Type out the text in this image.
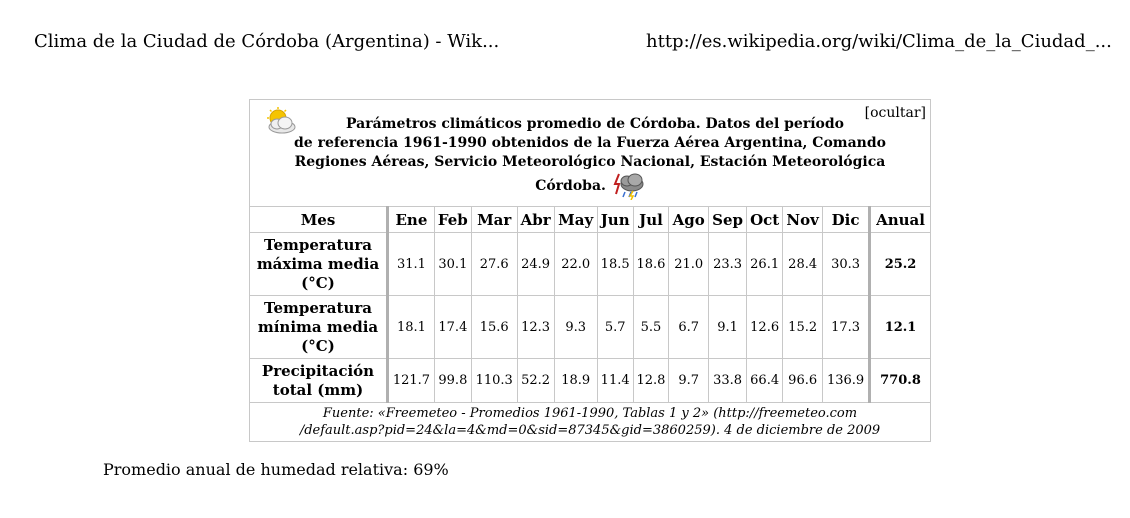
Clima de la Ciudad de Córdoba (Argentina) - Wik...	http://es.wikipedia.org/wiki/Clima_de_la_Ciudad_...
[ocultar]
Parámetros climáticos promedio de Córdoba. Datos del período
de referencia 1961-1990 obtenidos de la Fuerza Aérea Argentina, Comando Regiones Aéreas, Servicio Meteorológico Nacional, Estación Meteorológica Córdoba.													

Mes	Ene	Feb	Mar	Abr	May	Jun	Jul	Ago	Sep	Oct	Nov	Dic	Anual
Temperatura máxima media (°C)	31.1	30.1	27.6	24.9	22.0	18.5	18.6	21.0	23.3	26.1	28.4	30.3	25.2
Temperatura mínima media (°C)	18.1	17.4	15.6	12.3	9.3	5.7	5.5	6.7	9.1	12.6	15.2	17.3	12.1
Precipitación total (mm)	121.7	99.8	110.3	52.2	18.9	11.4	12.8	9.7	33.8	66.4	96.6	136.9	770.8

Fuente: «Freemeteo - Promedios 1961-1990, Tablas 1 y 2» (http://freemeteo.com
/default.asp?pid=24&la=4&md=0&sid=87345&gid=3860259). 4 de diciembre de 2009													
Promedio anual de humedad relativa: 69%
